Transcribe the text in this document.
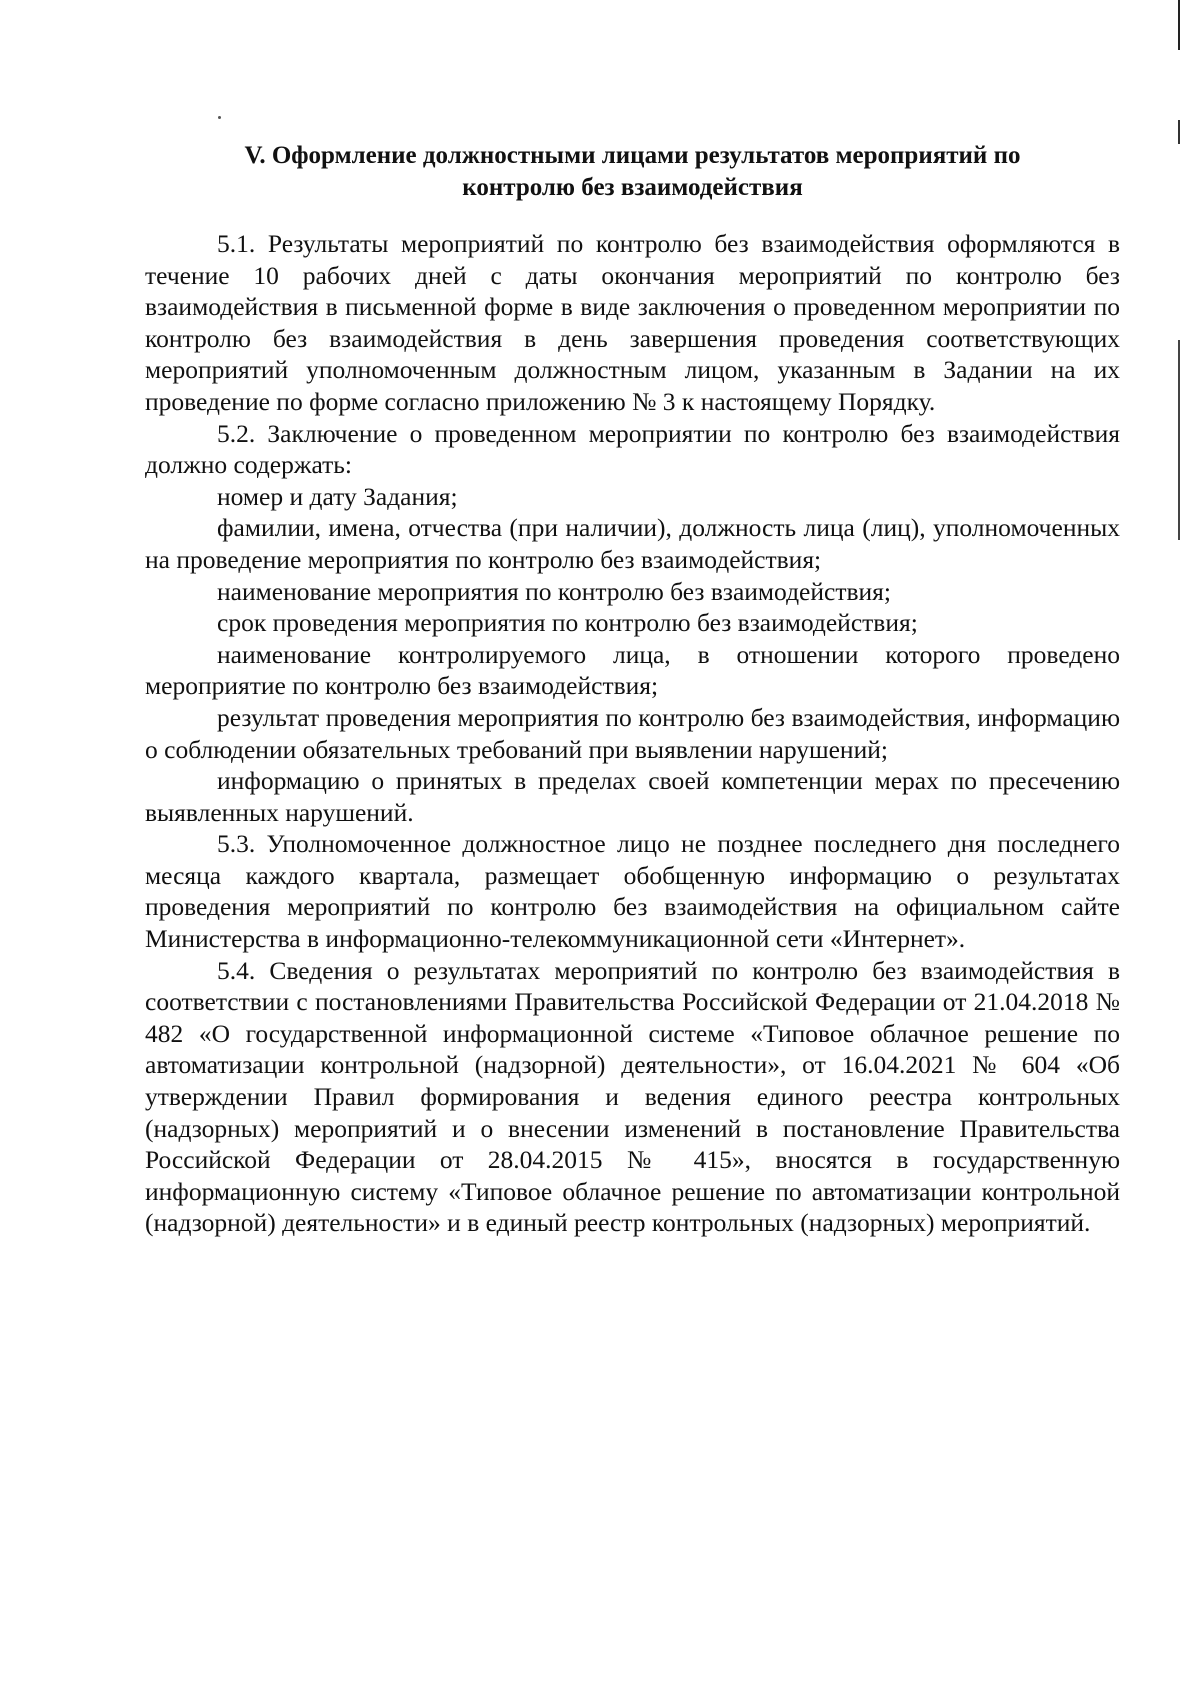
V. Оформление должностными лицами результатов мероприятий по
контролю без взаимодействия

5.1. Результаты мероприятий по контролю без взаимодействия оформляются в течение 10 рабочих дней с даты окончания мероприятий по контролю без взаимодействия в письменной форме в виде заключения о проведенном мероприятии по контролю без взаимодействия в день завершения проведения соответствующих мероприятий уполномоченным должностным лицом, указанным в Задании на их проведение по форме согласно приложению № 3 к настоящему Порядку.

5.2. Заключение о проведенном мероприятии по контролю без взаимодействия должно содержать:

номер и дату Задания;

фамилии, имена, отчества (при наличии), должность лица (лиц), уполномоченных на проведение мероприятия по контролю без взаимодействия;

наименование мероприятия по контролю без взаимодействия;

срок проведения мероприятия по контролю без взаимодействия;

наименование контролируемого лица, в отношении которого проведено мероприятие по контролю без взаимодействия;

результат проведения мероприятия по контролю без взаимодействия, информацию о соблюдении обязательных требований при выявлении нарушений;

информацию о принятых в пределах своей компетенции мерах по пресечению выявленных нарушений.

5.3. Уполномоченное должностное лицо не позднее последнего дня последнего месяца каждого квартала, размещает обобщенную информацию о результатах проведения мероприятий по контролю без взаимодействия на официальном сайте Министерства в информационно-телекоммуникационной сети «Интернет».

5.4. Сведения о результатах мероприятий по контролю без взаимодействия в соответствии с постановлениями Правительства Российской Федерации от 21.04.2018 № 482 «О государственной информационной системе «Типовое облачное решение по автоматизации контрольной (надзорной) деятельности», от 16.04.2021 № 604 «Об утверждении Правил формирования и ведения единого реестра контрольных (надзорных) мероприятий и о внесении изменений в постановление Правительства Российской Федерации от 28.04.2015 № 415», вносятся в государственную информационную систему «Типовое облачное решение по автоматизации контрольной (надзорной) деятельности» и в единый реестр контрольных (надзорных) мероприятий.
